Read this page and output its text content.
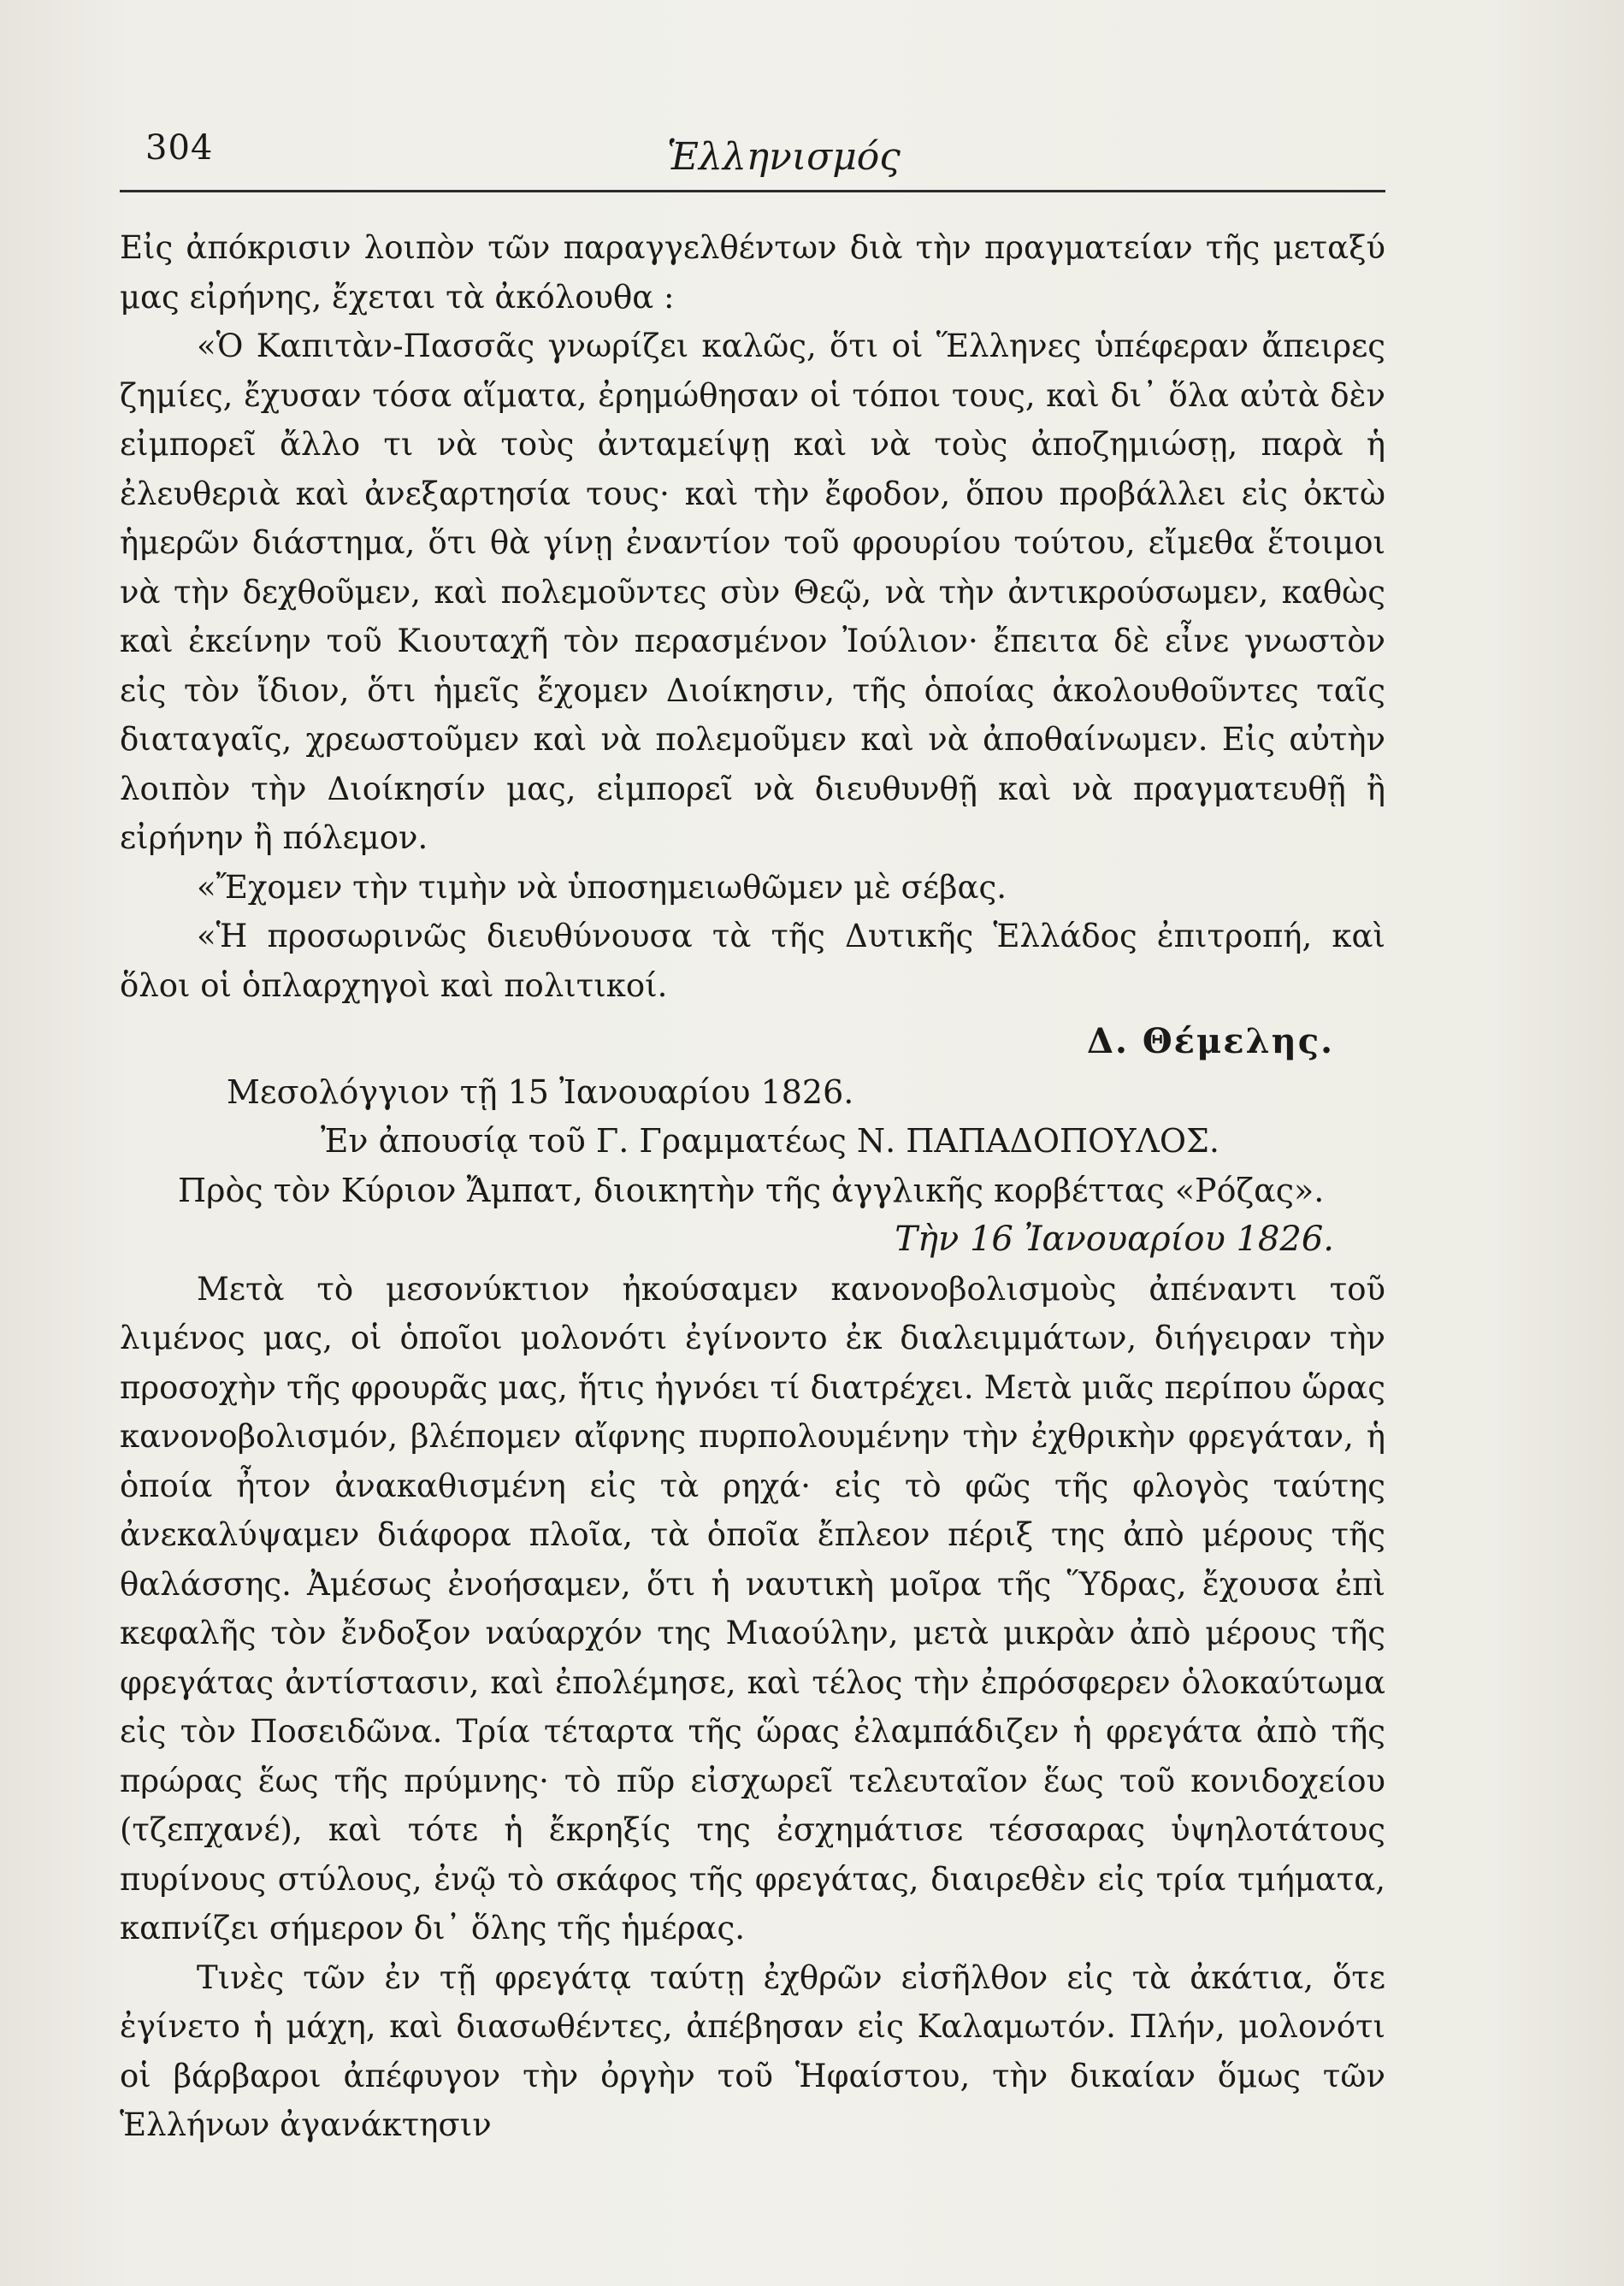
304	Ἑλληνισμός

Εἰς ἀπόκρισιν λοιπὸν τῶν παραγγελθέντων διὰ τὴν πραγματείαν τῆς μεταξύ μας εἰρήνης, ἔχεται τὰ ἀκόλουθα :

«Ὁ Καπιτὰν-Πασσᾶς γνωρίζει καλῶς, ὅτι οἱ Ἕλληνες ὑπέφεραν ἄπειρες ζημίες, ἔχυσαν τόσα αἵματα, ἐρημώθησαν οἱ τόποι τους, καὶ δι᾿ ὅλα αὐτὰ δὲν εἰμπορεῖ ἄλλο τι νὰ τοὺς ἀνταμείψῃ καὶ νὰ τοὺς ἀποζημιώσῃ, παρὰ ἡ ἐλευθεριὰ καὶ ἀνεξαρτησία τους· καὶ τὴν ἔφοδον, ὅπου προβάλλει εἰς ὀκτὼ ἡμερῶν διάστημα, ὅτι θὰ γίνῃ ἐναντίον τοῦ φρουρίου τούτου, εἴμεθα ἕτοιμοι νὰ τὴν δεχθοῦμεν, καὶ πολεμοῦντες σὺν Θεῷ, νὰ τὴν ἀντικρούσωμεν, καθὼς καὶ ἐκείνην τοῦ Κιουταχῆ τὸν περασμένον Ἰούλιον· ἔπειτα δὲ εἶνε γνωστὸν εἰς τὸν ἴδιον, ὅτι ἡμεῖς ἔχομεν Διοίκησιν, τῆς ὁποίας ἀκολουθοῦντες ταῖς διαταγαῖς, χρεωστοῦμεν καὶ νὰ πολεμοῦμεν καὶ νὰ ἀποθαίνωμεν. Εἰς αὐτὴν λοιπὸν τὴν Διοίκησίν μας, εἰμπορεῖ νὰ διευθυνθῇ καὶ νὰ πραγματευθῇ ἢ εἰρήνην ἢ πόλεμον.

«Ἔχομεν τὴν τιμὴν νὰ ὑποσημειωθῶμεν μὲ σέβας.

«Ἡ προσωρινῶς διευθύνουσα τὰ τῆς Δυτικῆς Ἑλλάδος ἐπιτροπή, καὶ ὅλοι οἱ ὁπλαρχηγοὶ καὶ πολιτικοί.

Δ. Θέμελης.

Μεσολόγγιον τῇ 15 Ἰανουαρίου 1826.

Ἐν ἀπουσίᾳ τοῦ Γ. Γραμματέως Ν. ΠΑΠΑΔΟΠΟΥΛΟΣ.

Πρὸς τὸν Κύριον Ἄμπατ, διοικητὴν τῆς ἀγγλικῆς κορβέττας «Ρόζας».

Τὴν 16 Ἰανουαρίου 1826.

Μετὰ τὸ μεσονύκτιον ἠκούσαμεν κανονοβολισμοὺς ἀπέναντι τοῦ λιμένος μας, οἱ ὁποῖοι μολονότι ἐγίνοντο ἐκ διαλειμμάτων, διήγειραν τὴν προσοχὴν τῆς φρουρᾶς μας, ἥτις ἠγνόει τί διατρέχει. Μετὰ μιᾶς περίπου ὥρας κανονοβολισμόν, βλέπομεν αἴφνης πυρπολουμένην τὴν ἐχθρικὴν φρεγάταν, ἡ ὁποία ἦτον ἀνακαθισμένη εἰς τὰ ρηχά· εἰς τὸ φῶς τῆς φλογὸς ταύτης ἀνεκαλύψαμεν διάφορα πλοῖα, τὰ ὁποῖα ἔπλεον πέριξ της ἀπὸ μέρους τῆς θαλάσσης. Ἀμέσως ἐνοήσαμεν, ὅτι ἡ ναυτικὴ μοῖρα τῆς Ὕδρας, ἔχουσα ἐπὶ κεφαλῆς τὸν ἔνδοξον ναύαρχόν της Μιαούλην, μετὰ μικρὰν ἀπὸ μέρους τῆς φρεγάτας ἀντίστασιν, καὶ ἐπολέμησε, καὶ τέλος τὴν ἐπρόσφερεν ὁλοκαύτωμα εἰς τὸν Ποσειδῶνα. Τρία τέταρτα τῆς ὥρας ἐλαμπάδιζεν ἡ φρεγάτα ἀπὸ τῆς πρώρας ἕως τῆς πρύμνης· τὸ πῦρ εἰσχωρεῖ τελευταῖον ἕως τοῦ κονιδοχείου (τζεπχανέ), καὶ τότε ἡ ἔκρηξίς της ἐσχημάτισε τέσσαρας ὑψηλοτάτους πυρίνους στύλους, ἐνῷ τὸ σκάφος τῆς φρεγάτας, διαιρεθὲν εἰς τρία τμήματα, καπνίζει σήμερον δι᾿ ὅλης τῆς ἡμέρας.

Τινὲς τῶν ἐν τῇ φρεγάτᾳ ταύτῃ ἐχθρῶν εἰσῆλθον εἰς τὰ ἀκάτια, ὅτε ἐγίνετο ἡ μάχη, καὶ διασωθέντες, ἀπέβησαν εἰς Καλαμωτόν. Πλήν, μολονότι οἱ βάρβαροι ἀπέφυγον τὴν ὀργὴν τοῦ Ἡφαίστου, τὴν δικαίαν ὅμως τῶν Ἑλλήνων ἀγανάκτησιν
